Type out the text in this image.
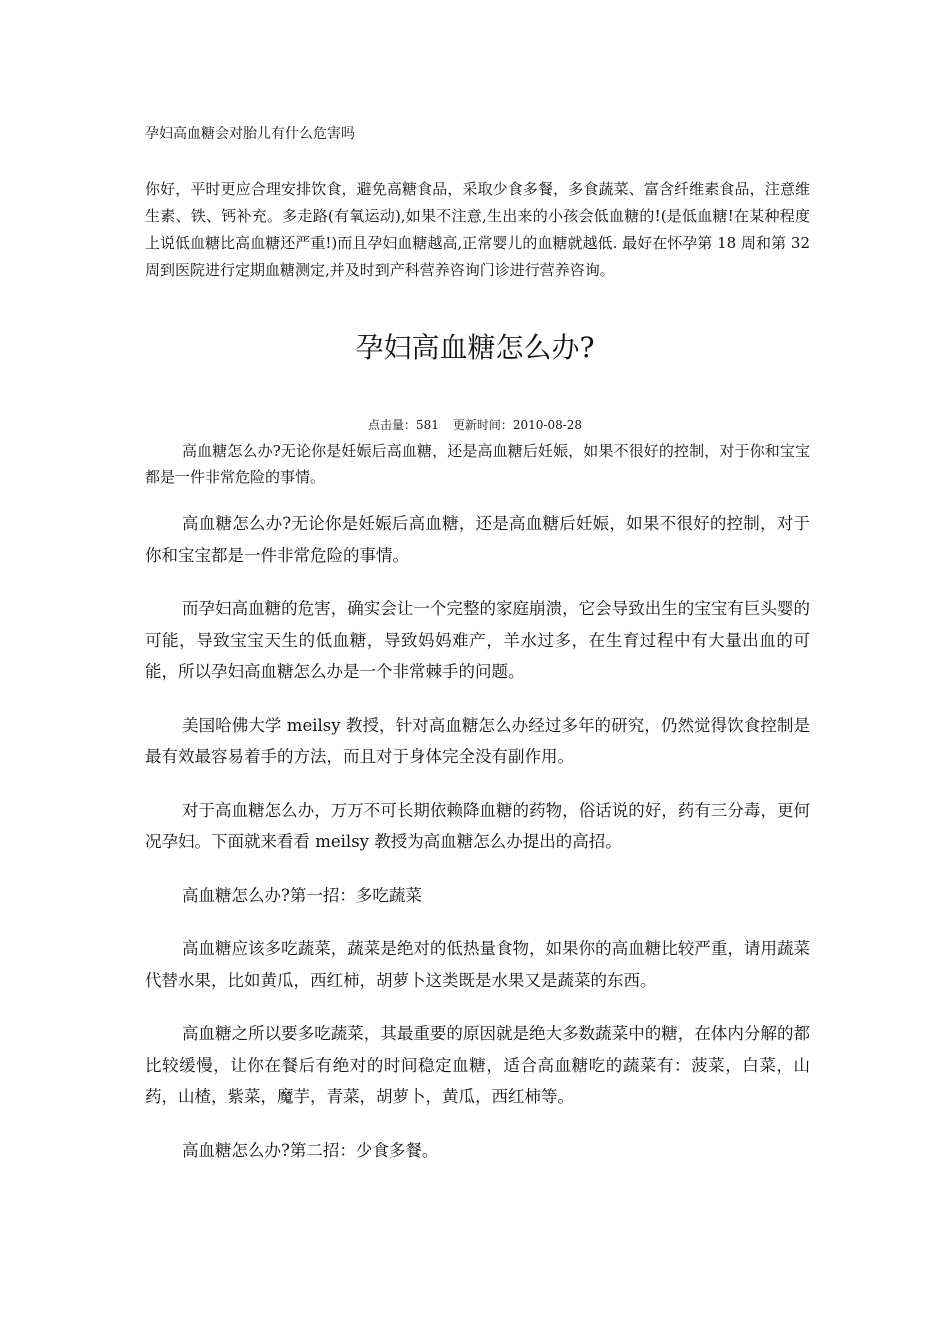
孕妇高血糖会对胎儿有什么危害吗
你好，平时更应合理安排饮食，避免高糖食品，采取少食多餐，多食蔬菜、富含纤维素食品，注意维生素、铁、钙补充。多走路(有氧运动),如果不注意,生出来的小孩会低血糖的!(是低血糖!在某种程度上说低血糖比高血糖还严重!)而且孕妇血糖越高,正常婴儿的血糖就越低. 最好在怀孕第 18 周和第 32 周到医院进行定期血糖测定,并及时到产科营养咨询门诊进行营养咨询。
孕妇高血糖怎么办?
点击量：581 更新时间：2010-08-28
高血糖怎么办?无论你是妊娠后高血糖，还是高血糖后妊娠，如果不很好的控制，对于你和宝宝都是一件非常危险的事情。

高血糖怎么办?无论你是妊娠后高血糖，还是高血糖后妊娠，如果不很好的控制，对于你和宝宝都是一件非常危险的事情。

而孕妇高血糖的危害，确实会让一个完整的家庭崩溃，它会导致出生的宝宝有巨头婴的可能，导致宝宝天生的低血糖，导致妈妈难产，羊水过多，在生育过程中有大量出血的可能，所以孕妇高血糖怎么办是一个非常棘手的问题。

美国哈佛大学 meilsy 教授，针对高血糖怎么办经过多年的研究，仍然觉得饮食控制是最有效最容易着手的方法，而且对于身体完全没有副作用。

对于高血糖怎么办，万万不可长期依赖降血糖的药物，俗话说的好，药有三分毒，更何况孕妇。下面就来看看 meilsy 教授为高血糖怎么办提出的高招。

高血糖怎么办?第一招：多吃蔬菜

高血糖应该多吃蔬菜，蔬菜是绝对的低热量食物，如果你的高血糖比较严重，请用蔬菜代替水果，比如黄瓜，西红柿，胡萝卜这类既是水果又是蔬菜的东西。

高血糖之所以要多吃蔬菜，其最重要的原因就是绝大多数蔬菜中的糖，在体内分解的都比较缓慢，让你在餐后有绝对的时间稳定血糖，适合高血糖吃的蔬菜有：菠菜，白菜，山药，山楂，紫菜，魔芋，青菜，胡萝卜，黄瓜，西红柿等。

高血糖怎么办?第二招：少食多餐。
